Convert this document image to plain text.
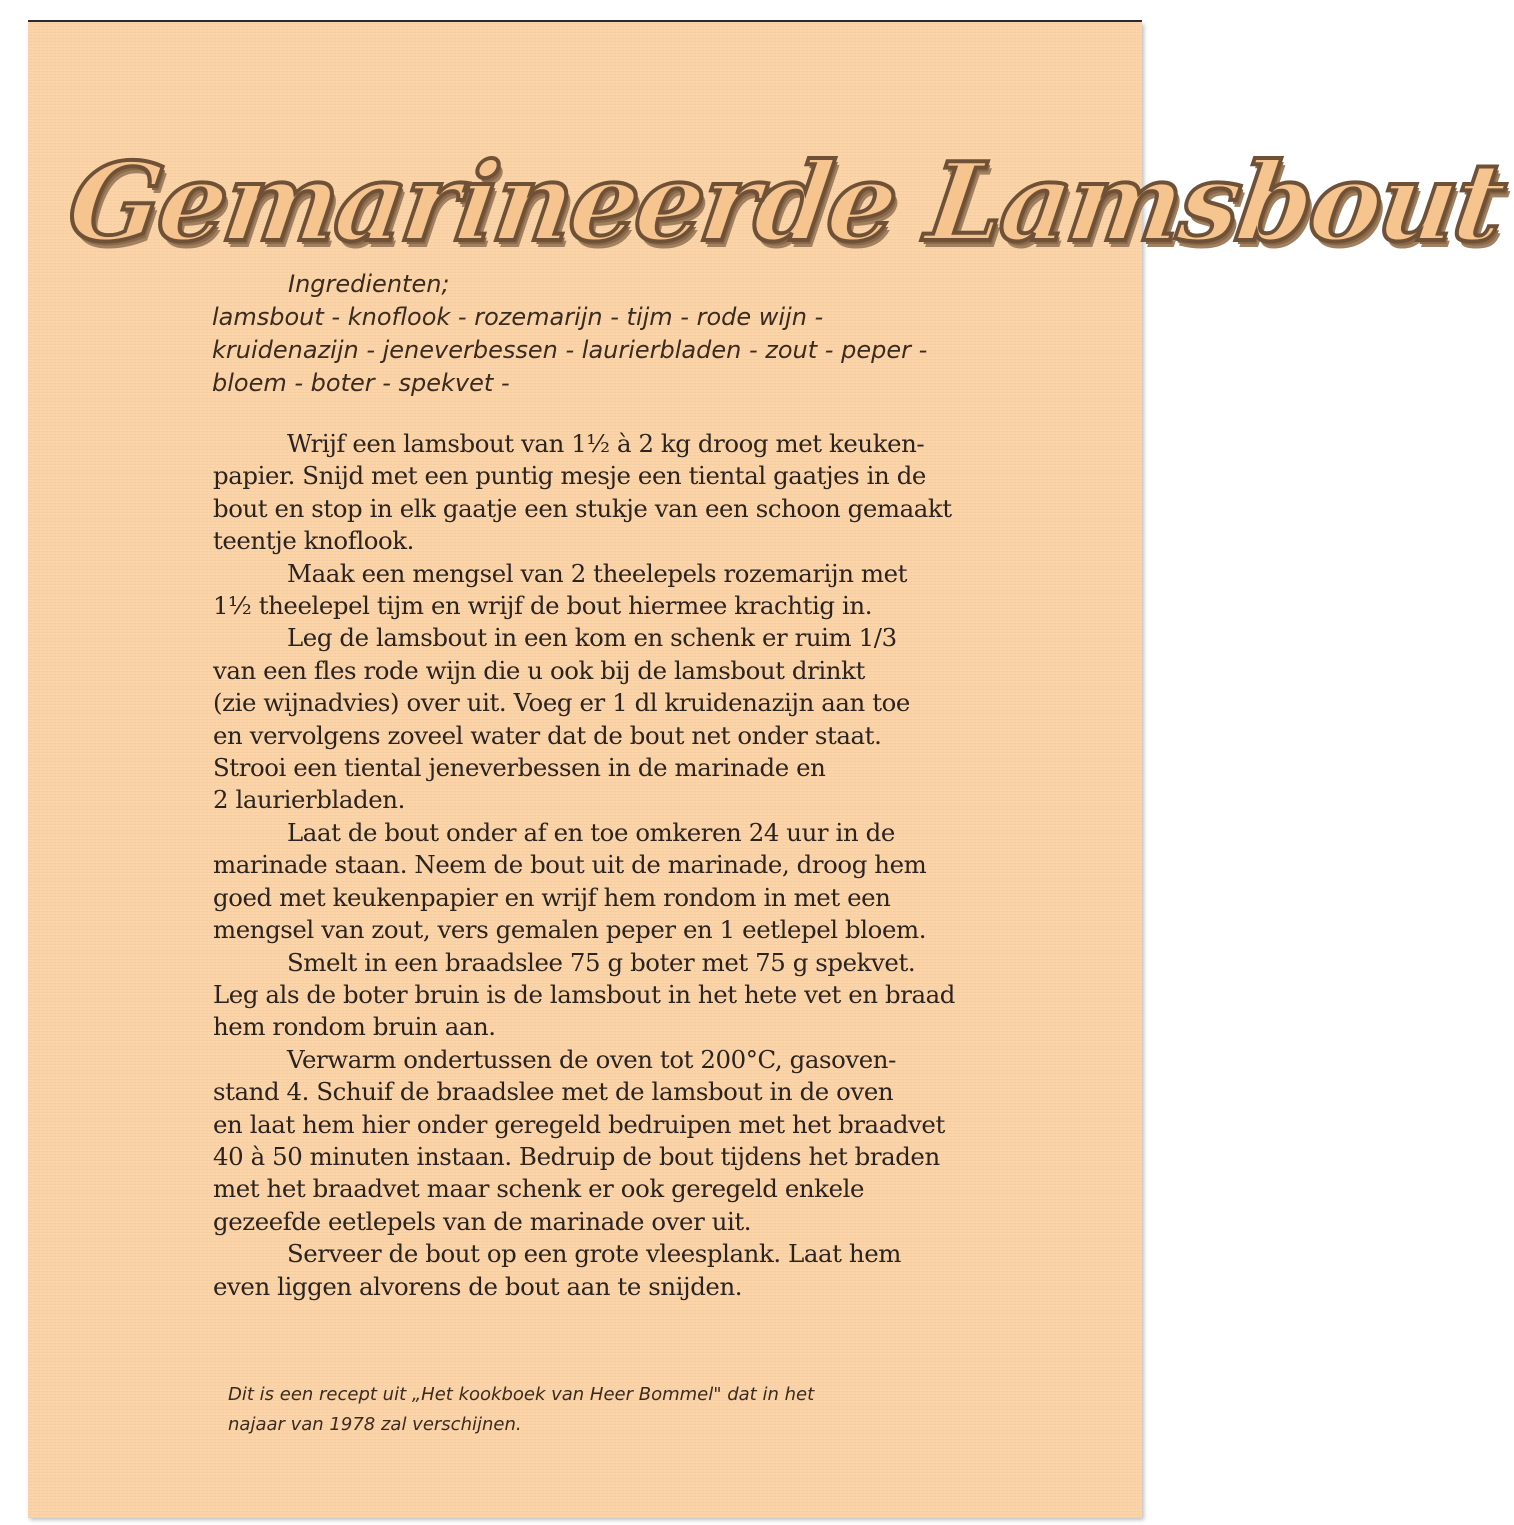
Gemarineerde Lamsbout
Ingredienten;
lamsbout - knoflook - rozemarijn - tijm - rode wijn -
kruidenazijn - jeneverbessen - laurierbladen - zout - peper -
bloem - boter - spekvet -
Wrijf een lamsbout van 1½ à 2 kg droog met keuken-
papier. Snijd met een puntig mesje een tiental gaatjes in de
bout en stop in elk gaatje een stukje van een schoon gemaakt
teentje knoflook.
Maak een mengsel van 2 theelepels rozemarijn met
1½ theelepel tijm en wrijf de bout hiermee krachtig in.
Leg de lamsbout in een kom en schenk er ruim 1/3
van een fles rode wijn die u ook bij de lamsbout drinkt
(zie wijnadvies) over uit. Voeg er 1 dl kruidenazijn aan toe
en vervolgens zoveel water dat de bout net onder staat.
Strooi een tiental jeneverbessen in de marinade en
2 laurierbladen.
Laat de bout onder af en toe omkeren 24 uur in de
marinade staan. Neem de bout uit de marinade, droog hem
goed met keukenpapier en wrijf hem rondom in met een
mengsel van zout, vers gemalen peper en 1 eetlepel bloem.
Smelt in een braadslee 75 g boter met 75 g spekvet.
Leg als de boter bruin is de lamsbout in het hete vet en braad
hem rondom bruin aan.
Verwarm ondertussen de oven tot 200°C, gasoven-
stand 4. Schuif de braadslee met de lamsbout in de oven
en laat hem hier onder geregeld bedruipen met het braadvet
40 à 50 minuten instaan. Bedruip de bout tijdens het braden
met het braadvet maar schenk er ook geregeld enkele
gezeefde eetlepels van de marinade over uit.
Serveer de bout op een grote vleesplank. Laat hem
even liggen alvorens de bout aan te snijden.
Dit is een recept uit „Het kookboek van Heer Bommel" dat in het
najaar van 1978 zal verschijnen.
